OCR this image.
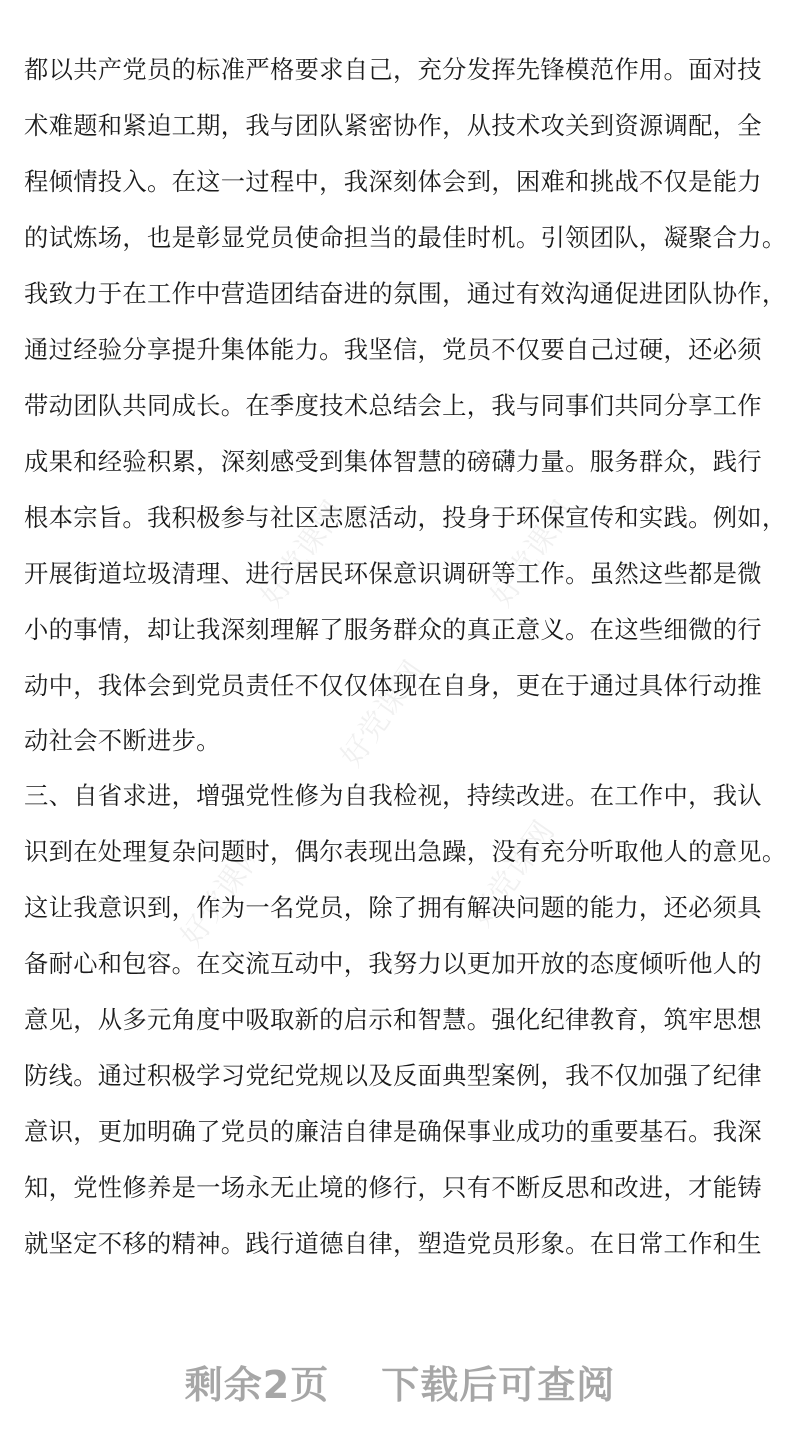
好党课网	好党课网
好党课网
好党课网	好党课网
都以共产党员的标准严格要求自己，充分发挥先锋模范作用。面对技
术难题和紧迫工期，我与团队紧密协作，从技术攻关到资源调配，全
程倾情投入。在这一过程中，我深刻体会到，困难和挑战不仅是能力
的试炼场，也是彰显党员使命担当的最佳时机。引领团队，凝聚合力。
我致力于在工作中营造团结奋进的氛围，通过有效沟通促进团队协作，
通过经验分享提升集体能力。我坚信，党员不仅要自己过硬，还必须
带动团队共同成长。在季度技术总结会上，我与同事们共同分享工作
成果和经验积累，深刻感受到集体智慧的磅礴力量。服务群众，践行
根本宗旨。我积极参与社区志愿活动，投身于环保宣传和实践。例如，
开展街道垃圾清理、进行居民环保意识调研等工作。虽然这些都是微
小的事情，却让我深刻理解了服务群众的真正意义。在这些细微的行
动中，我体会到党员责任不仅仅体现在自身，更在于通过具体行动推
动社会不断进步。
三、自省求进，增强党性修为自我检视，持续改进。在工作中，我认
识到在处理复杂问题时，偶尔表现出急躁，没有充分听取他人的意见。
这让我意识到，作为一名党员，除了拥有解决问题的能力，还必须具
备耐心和包容。在交流互动中，我努力以更加开放的态度倾听他人的
意见，从多元角度中吸取新的启示和智慧。强化纪律教育，筑牢思想
防线。通过积极学习党纪党规以及反面典型案例，我不仅加强了纪律
意识，更加明确了党员的廉洁自律是确保事业成功的重要基石。我深
知，党性修养是一场永无止境的修行，只有不断反思和改进，才能铸
就坚定不移的精神。践行道德自律，塑造党员形象。在日常工作和生
剩余2页 下载后可查阅
